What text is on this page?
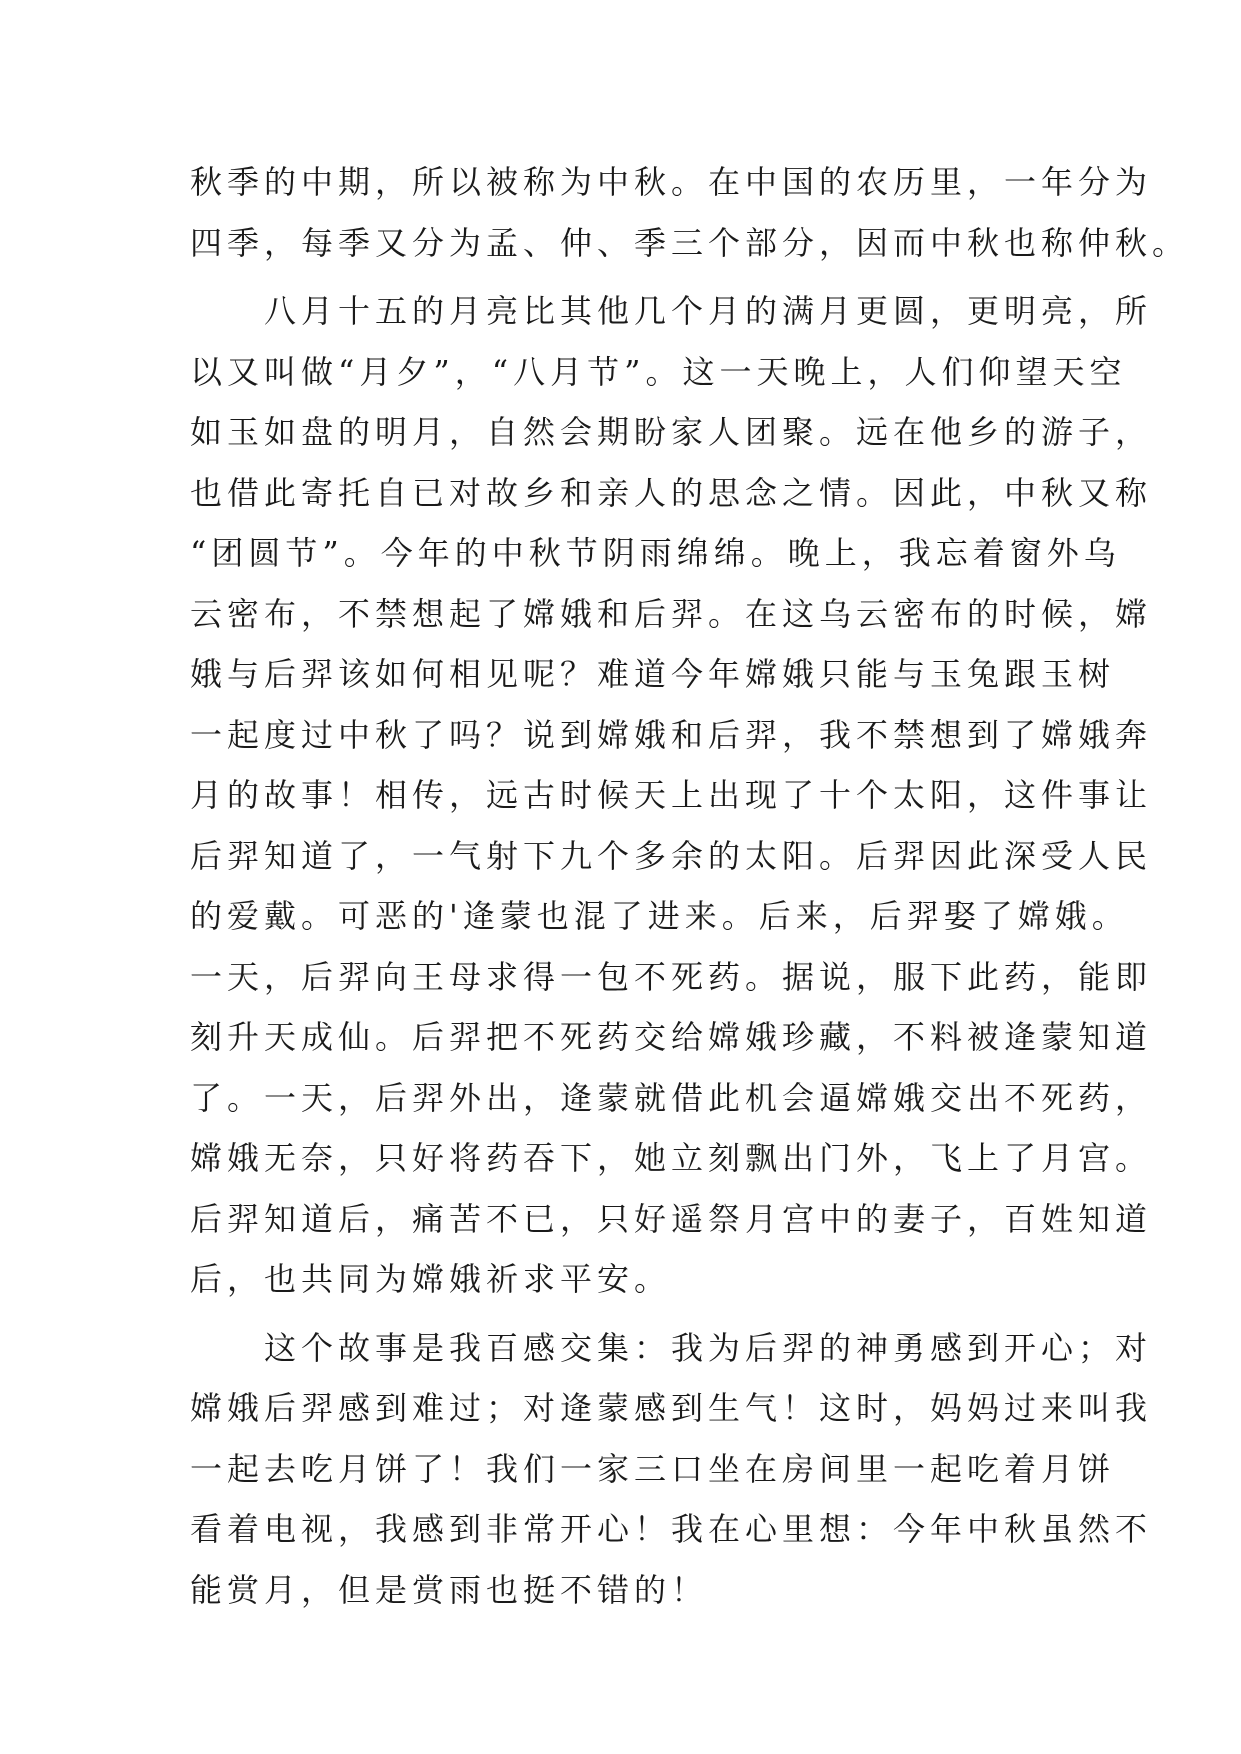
秋季的中期，所以被称为中秋。在中国的农历里，一年分为
四季，每季又分为孟、仲、季三个部分，因而中秋也称仲秋。
八月十五的月亮比其他几个月的满月更圆，更明亮，所
以又叫做“月夕”，“八月节”。这一天晚上，人们仰望天空
如玉如盘的明月，自然会期盼家人团聚。远在他乡的游子，
也借此寄托自已对故乡和亲人的思念之情。因此，中秋又称
“团圆节”。今年的中秋节阴雨绵绵。晚上，我忘着窗外乌
云密布，不禁想起了嫦娥和后羿。在这乌云密布的时候，嫦
娥与后羿该如何相见呢？难道今年嫦娥只能与玉兔跟玉树
一起度过中秋了吗？说到嫦娥和后羿，我不禁想到了嫦娥奔
月的故事！相传，远古时候天上出现了十个太阳，这件事让
后羿知道了，一气射下九个多余的太阳。后羿因此深受人民
的爱戴。可恶的'逄蒙也混了进来。后来，后羿娶了嫦娥。
一天，后羿向王母求得一包不死药。据说，服下此药，能即
刻升天成仙。后羿把不死药交给嫦娥珍藏，不料被逄蒙知道
了。一天，后羿外出，逄蒙就借此机会逼嫦娥交出不死药，
嫦娥无奈，只好将药吞下，她立刻飘出门外，飞上了月宫。
后羿知道后，痛苦不已，只好遥祭月宫中的妻子，百姓知道
后，也共同为嫦娥祈求平安。
这个故事是我百感交集：我为后羿的神勇感到开心；对
嫦娥后羿感到难过；对逄蒙感到生气！这时，妈妈过来叫我
一起去吃月饼了！我们一家三口坐在房间里一起吃着月饼
看着电视，我感到非常开心！我在心里想：今年中秋虽然不
能赏月，但是赏雨也挺不错的！
